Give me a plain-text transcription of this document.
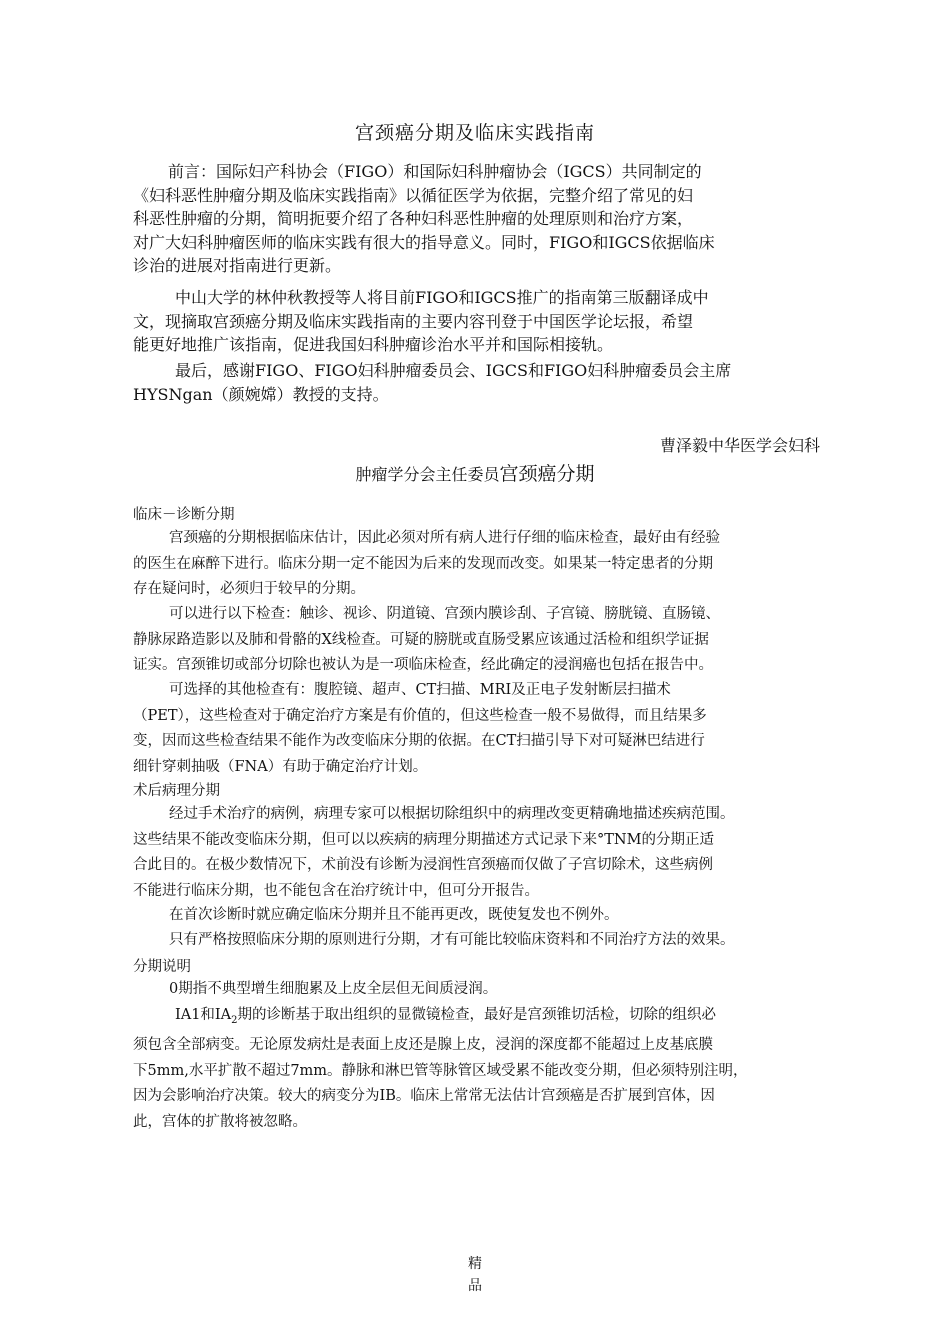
宫颈癌分期及临床实践指南

前言：国际妇产科协会（FIGO）和国际妇科肿瘤协会（IGCS）共同制定的
《妇科恶性肿瘤分期及临床实践指南》以循征医学为依据，完整介绍了常见的妇
科恶性肿瘤的分期，简明扼要介绍了各种妇科恶性肿瘤的处理原则和治疗方案，
对广大妇科肿瘤医师的临床实践有很大的指导意义。同时，FIGO和IGCS依据临床
诊治的进展对指南进行更新。

中山大学的林仲秋教授等人将目前FIGO和IGCS推广的指南第三版翻译成中
文，现摘取宫颈癌分期及临床实践指南的主要内容刊登于中国医学论坛报，希望
能更好地推广该指南，促进我国妇科肿瘤诊治水平并和国际相接轨。

最后，感谢FIGO、FIGO妇科肿瘤委员会、IGCS和FIGO妇科肿瘤委员会主席
HYSNgan（颜婉嫦）教授的支持。

曹泽毅中华医学会妇科
肿瘤学分会主任委员宫颈癌分期
临床－诊断分期

宫颈癌的分期根据临床估计，因此必须对所有病人进行仔细的临床检查，最好由有经验
的医生在麻醉下进行。临床分期一定不能因为后来的发现而改变。如果某一特定患者的分期
存在疑问时，必须归于较早的分期。

可以进行以下检查：触诊、视诊、阴道镜、宫颈内膜诊刮、子宫镜、膀胱镜、直肠镜、
静脉尿路造影以及肺和骨骼的X线检查。可疑的膀胱或直肠受累应该通过活检和组织学证据
证实。宫颈锥切或部分切除也被认为是一项临床检查，经此确定的浸润癌也包括在报告中。

可选择的其他检查有：腹腔镜、超声、CT扫描、MRI及正电子发射断层扫描术
（PET），这些检查对于确定治疗方案是有价值的，但这些检查一般不易做得，而且结果多
变，因而这些检查结果不能作为改变临床分期的依据。在CT扫描引导下对可疑淋巴结进行
细针穿刺抽吸（FNA）有助于确定治疗计划。

术后病理分期

经过手术治疗的病例，病理专家可以根据切除组织中的病理改变更精确地描述疾病范围。
这些结果不能改变临床分期，但可以以疾病的病理分期描述方式记录下来°TNM的分期正适
合此目的。在极少数情况下，术前没有诊断为浸润性宫颈癌而仅做了子宫切除术，这些病例
不能进行临床分期，也不能包含在治疗统计中，但可分开报告。

在首次诊断时就应确定临床分期并且不能再更改，既使复发也不例外。

只有严格按照临床分期的原则进行分期，才有可能比较临床资料和不同治疗方法的效果。

分期说明

0期指不典型增生细胞累及上皮全层但无间质浸润。

IA1和$IA_2$期的诊断基于取出组织的显微镜检查，最好是宫颈锥切活检，切除的组织必
须包含全部病变。无论原发病灶是表面上皮还是腺上皮，浸润的深度都不能超过上皮基底膜
下5mm,水平扩散不超过7mm。静脉和淋巴管等脉管区域受累不能改变分期，但必须特别注明，
因为会影响治疗决策。较大的病变分为IB。临床上常常无法估计宫颈癌是否扩展到宫体，因
此，宫体的扩散将被忽略。

精
品
